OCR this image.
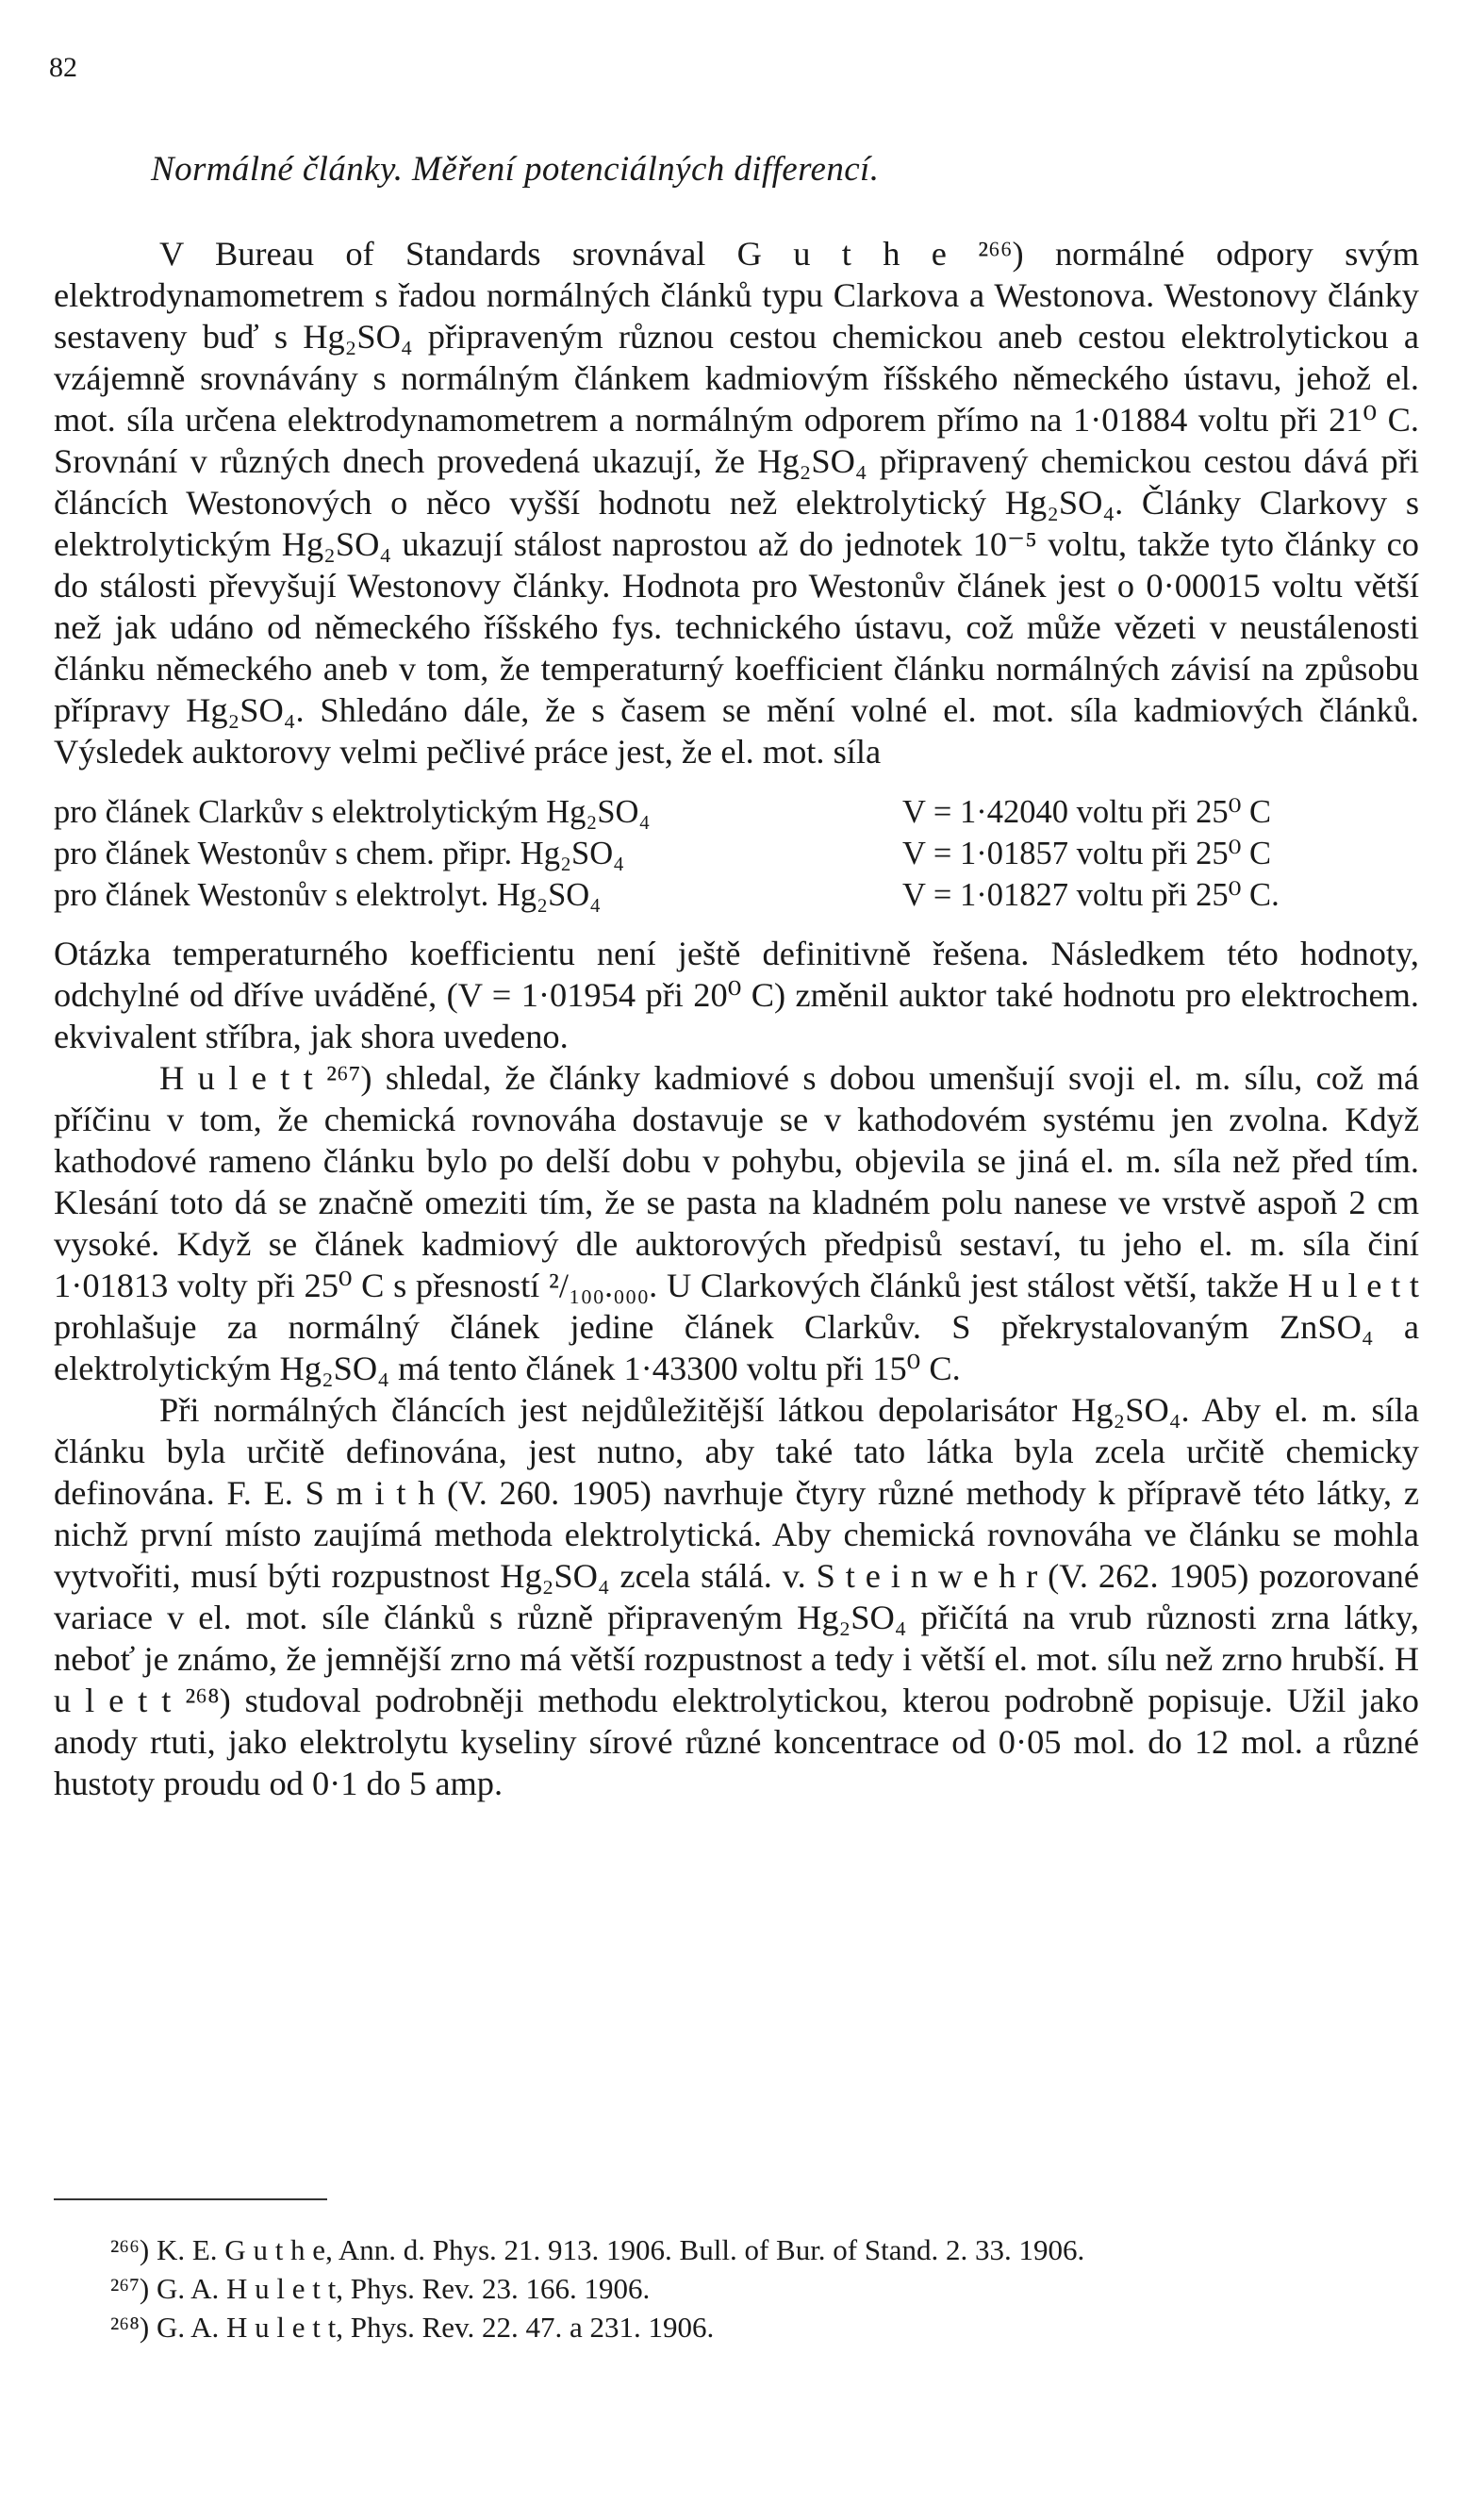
82
Normálné články. Měření potenciálných differencí.

V Bureau of Standards srovnával G u t h e ²⁶⁶) normálné odpory svým elektrodynamometrem s řadou normálných článků typu Clarkova a Westonova. Westonovy články sestaveny buď s Hg₂SO₄ připraveným různou cestou chemickou aneb cestou elektrolytickou a vzájemně srovnávány s normálným článkem kadmiovým říšského německého ústavu, jehož el. mot. síla určena elektrodynamometrem a normálným odporem přímo na 1·01884 voltu při 21⁰ C. Srovnání v různých dnech provedená ukazují, že Hg₂SO₄ připravený chemickou cestou dává při článcích Westonových o něco vyšší hodnotu než elektrolytický Hg₂SO₄. Články Clarkovy s elektrolytickým Hg₂SO₄ ukazují stálost naprostou až do jednotek 10⁻⁵ voltu, takže tyto články co do stálosti převyšují Westonovy články. Hodnota pro Westonův článek jest o 0·00015 voltu větší než jak udáno od německého říšského fys. technického ústavu, což může vězeti v neustálenosti článku německého aneb v tom, že temperaturný koefficient článku normálných závisí na způsobu přípravy Hg₂SO₄. Shledáno dále, že s časem se mění volné el. mot. síla kadmiových článků. Výsledek auktorovy velmi pečlivé práce jest, že el. mot. síla

pro článek Clarkův s elektrolytickým Hg₂SO₄	V = 1·42040 voltu při 25⁰ C
pro článek Westonův s chem. připr. Hg₂SO₄	V = 1·01857 voltu při 25⁰ C
pro článek Westonův s elektrolyt. Hg₂SO₄	V = 1·01827 voltu při 25⁰ C.

Otázka temperaturného koefficientu není ještě definitivně řešena. Následkem této hodnoty, odchylné od dříve uváděné, (V = 1·01954 při 20⁰ C) změnil auktor také hodnotu pro elektrochem. ekvivalent stříbra, jak shora uvedeno.

H u l e t t ²⁶⁷) shledal, že články kadmiové s dobou umenšují svoji el. m. sílu, což má příčinu v tom, že chemická rovnováha dostavuje se v kathodovém systému jen zvolna. Když kathodové rameno článku bylo po delší dobu v pohybu, objevila se jiná el. m. síla než před tím. Klesání toto dá se značně omeziti tím, že se pasta na kladném polu nanese ve vrstvě aspoň 2 cm vysoké. Když se článek kadmiový dle auktorových předpisů sestaví, tu jeho el. m. síla činí 1·01813 volty při 25⁰ C s přesností ²/₁₀₀.₀₀₀. U Clarkových článků jest stálost větší, takže H u l e t t prohlašuje za normálný článek jedine článek Clarkův. S překrystalovaným ZnSO₄ a elektrolytickým Hg₂SO₄ má tento článek 1·43300 voltu při 15⁰ C.

Při normálných článcích jest nejdůležitější látkou depolarisátor Hg₂SO₄. Aby el. m. síla článku byla určitě definována, jest nutno, aby také tato látka byla zcela určitě chemicky definována. F. E. S m i t h (V. 260. 1905) navrhuje čtyry různé methody k přípravě této látky, z nichž první místo zaujímá methoda elektrolytická. Aby chemická rovnováha ve článku se mohla vytvořiti, musí býti rozpustnost Hg₂SO₄ zcela stálá. v. S t e i n w e h r (V. 262. 1905) pozorované variace v el. mot. síle článků s různě připraveným Hg₂SO₄ přičítá na vrub různosti zrna látky, neboť je známo, že jemnější zrno má větší rozpustnost a tedy i větší el. mot. sílu než zrno hrubší. H u l e t t ²⁶⁸) studoval podrobněji methodu elektrolytickou, kterou podrobně popisuje. Užil jako anody rtuti, jako elektrolytu kyseliny sírové různé koncentrace od 0·05 mol. do 12 mol. a různé hustoty proudu od 0·1 do 5 amp.

²⁶⁶) K. E. G u t h e, Ann. d. Phys. 21. 913. 1906. Bull. of Bur. of Stand. 2. 33. 1906.

²⁶⁷) G. A. H u l e t t, Phys. Rev. 23. 166. 1906.

²⁶⁸) G. A. H u l e t t, Phys. Rev. 22. 47. a 231. 1906.
